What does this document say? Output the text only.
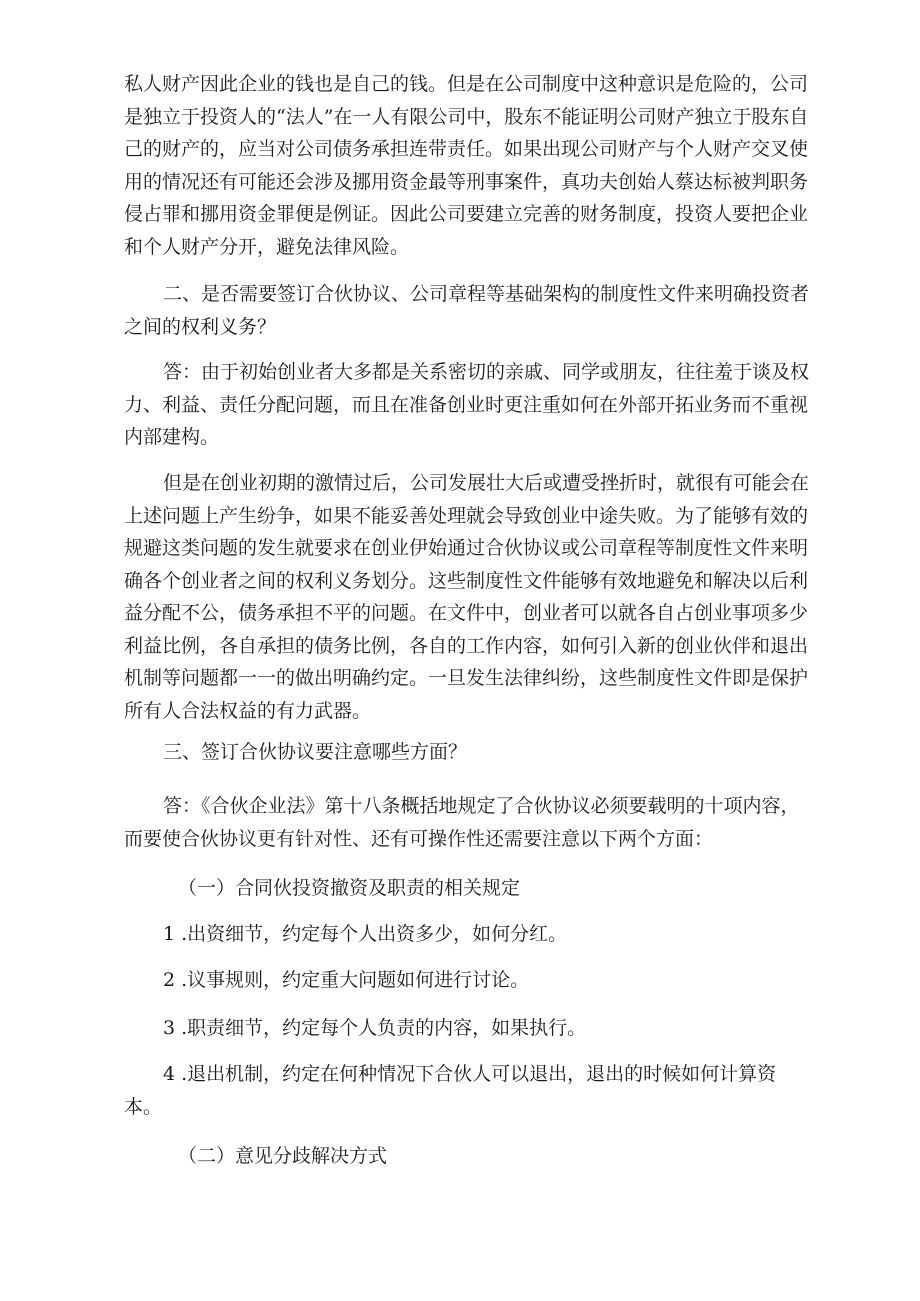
私人财产因此企业的钱也是自己的钱。但是在公司制度中这种意识是危险的，公司是独立于投资人的“法人”在一人有限公司中，股东不能证明公司财产独立于股东自己的财产的，应当对公司债务承担连带责任。如果出现公司财产与个人财产交叉使用的情况还有可能还会涉及挪用资金最等刑事案件，真功夫创始人蔡达标被判职务侵占罪和挪用资金罪便是例证。因此公司要建立完善的财务制度，投资人要把企业和个人财产分开，避免法律风险。

二、是否需要签订合伙协议、公司章程等基础架构的制度性文件来明确投资者之间的权利义务？

答：由于初始创业者大多都是关系密切的亲戚、同学或朋友，往往羞于谈及权力、利益、责任分配问题，而且在准备创业时更注重如何在外部开拓业务而不重视内部建构。

但是在创业初期的激情过后，公司发展壮大后或遭受挫折时，就很有可能会在上述问题上产生纷争，如果不能妥善处理就会导致创业中途失败。为了能够有效的规避这类问题的发生就要求在创业伊始通过合伙协议或公司章程等制度性文件来明确各个创业者之间的权利义务划分。这些制度性文件能够有效地避免和解决以后利益分配不公，债务承担不平的问题。在文件中，创业者可以就各自占创业事项多少利益比例，各自承担的债务比例，各自的工作内容，如何引入新的创业伙伴和退出机制等问题都一一的做出明确约定。一旦发生法律纠纷，这些制度性文件即是保护所有人合法权益的有力武器。

三、签订合伙协议要注意哪些方面？

答：《合伙企业法》第十八条概括地规定了合伙协议必须要载明的十项内容，而要使合伙协议更有针对性、还有可操作性还需要注意以下两个方面：

（一）合同伙投资撤资及职责的相关规定

1 .出资细节，约定每个人出资多少，如何分红。

2 .议事规则，约定重大问题如何进行讨论。

3 .职责细节，约定每个人负责的内容，如果执行。

4 .退出机制，约定在何种情况下合伙人可以退出，退出的时候如何计算资本。

（二）意见分歧解决方式
